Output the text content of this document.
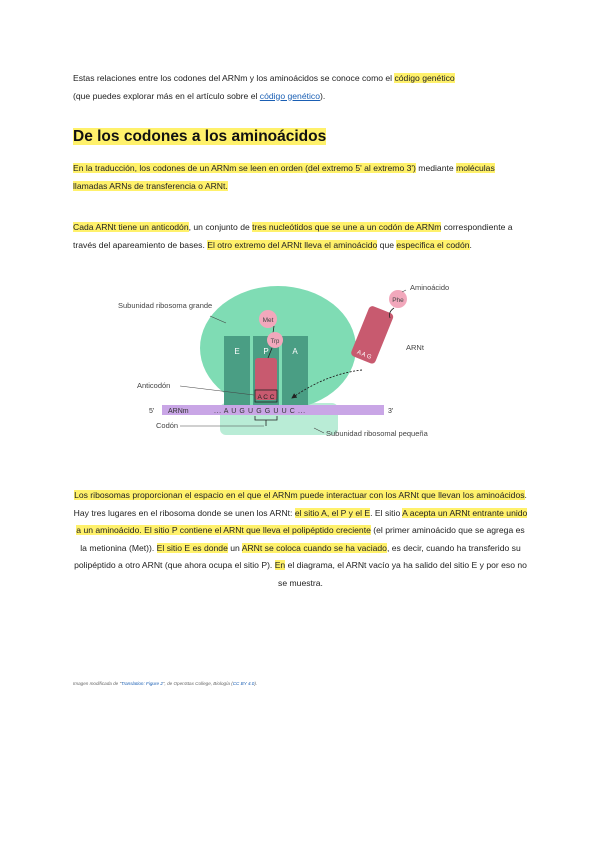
Estas relaciones entre los codones del ARNm y los aminoácidos se conoce como el código genético
(que puedes explorar más en el artículo sobre el código genético).
De los codones a los aminoácidos
En la traducción, los codones de un ARNm se leen en orden (del extremo 5' al extremo 3') mediante moléculas llamadas ARNs de transferencia o ARNt.
Cada ARNt tiene un anticodón, un conjunto de tres nucleótidos que se une a un codón de ARNm correspondiente a través del apareamiento de bases. El otro extremo del ARNt lleva el aminoácido que especifica el codón.
E	P	A
A C C
Met
Trp
A A G
Phe
5'	3'
ARNm	... A U G U G G U U C ...
Subunidad ribosoma grande
Aminoácido
ARNt
Anticodón
Codón
Subunidad ribosomal pequeña
Los ribosomas proporcionan el espacio en el que el ARNm puede interactuar con los ARNt que llevan los aminoácidos. Hay tres lugares en el ribosoma donde se unen los ARNt: el sitio A, el P y el E. El sitio A acepta un ARNt entrante unido a un aminoácido. El sitio P contiene el ARNt que lleva el polipéptido creciente (el primer aminoácido que se agrega es la metionina (Met)). El sitio E es donde un ARNt se coloca cuando se ha vaciado, es decir, cuando ha transferido su polipéptido a otro ARNt (que ahora ocupa el sitio P). En el diagrama, el ARNt vacío ya ha salido del sitio E y por eso no se muestra.
Imagen modificada de "Translation: Figure 2", de OpenStax College, Biología (CC BY 4.0).
